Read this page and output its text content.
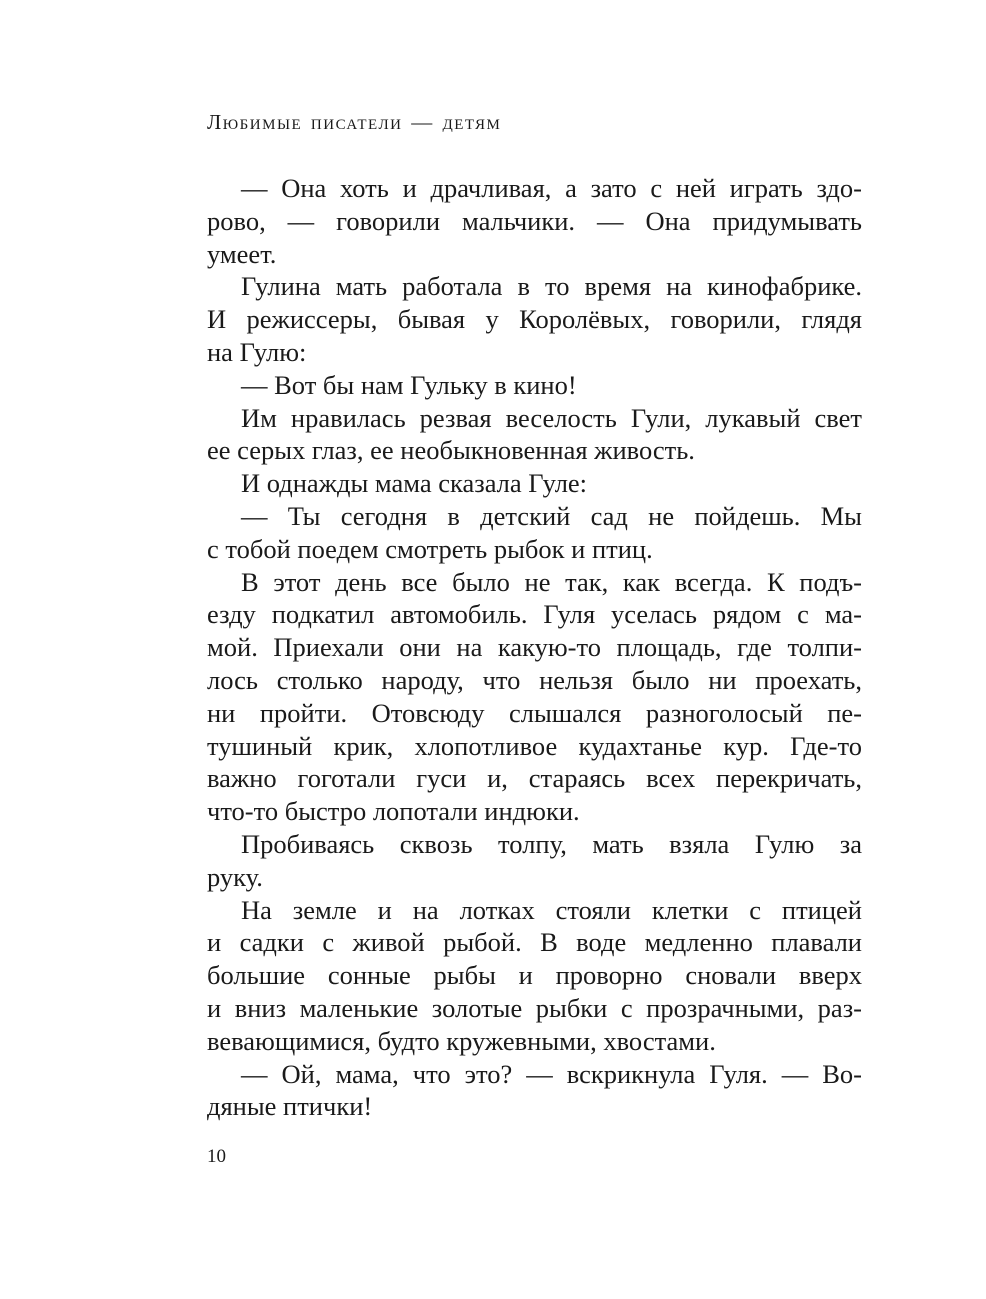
Любимые писатели — детям
— Она хоть и драчливая, а зато с ней играть здо-
рово, — говорили мальчики. — Она придумывать
умеет.
Гулина мать работала в то время на кинофабрике.
И режиссеры, бывая у Королёвых, говорили, глядя
на Гулю:
— Вот бы нам Гульку в кино!
Им нравилась резвая веселость Гули, лукавый свет
ее серых глаз, ее необыкновенная живость.
И однажды мама сказала Гуле:
— Ты сегодня в детский сад не пойдешь. Мы
с тобой поедем смотреть рыбок и птиц.
В этот день все было не так, как всегда. К подъ-
езду подкатил автомобиль. Гуля уселась рядом с ма-
мой. Приехали они на какую-то площадь, где толпи-
лось столько народу, что нельзя было ни проехать,
ни пройти. Отовсюду слышался разноголосый пе-
тушиный крик, хлопотливое кудахтанье кур. Где-то
важно гоготали гуси и, стараясь всех перекричать,
что-то быстро лопотали индюки.
Пробиваясь сквозь толпу, мать взяла Гулю за
руку.
На земле и на лотках стояли клетки с птицей
и садки с живой рыбой. В воде медленно плавали
большие сонные рыбы и проворно сновали вверх
и вниз маленькие золотые рыбки с прозрачными, раз-
вевающимися, будто кружевными, хвостами.
— Ой, мама, что это? — вскрикнула Гуля. — Во-
дяные птички!
10
